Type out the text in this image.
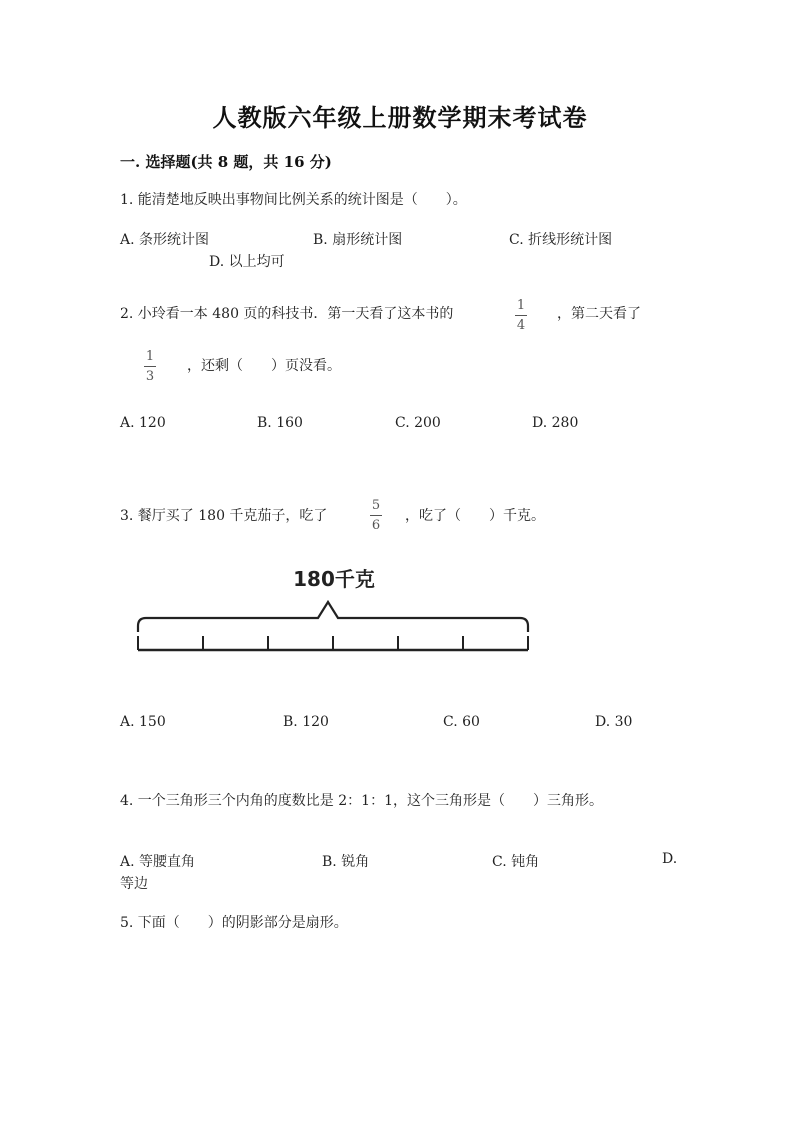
人教版六年级上册数学期末考试卷
一. 选择题(共 8 题，共 16 分)
1. 能清楚地反映出事物间比例关系的统计图是（　　）。
A. 条形统计图	B. 扇形统计图	C. 折线形统计图
D. 以上均可
2. 小玲看一本 480 页的科技书．第一天看了这本书的
1
4
，第二天看了
1
3
，还剩（　　）页没看。
A. 120	B. 160	C. 200	D. 280
3. 餐厅买了 180 千克茄子，吃了
5
6
，吃了（　　）千克。
180千克
A. 150	B. 120	C. 60	D. 30
4. 一个三角形三个内角的度数比是 2：1：1，这个三角形是（　　）三角形。
A. 等腰直角	B. 锐角	C. 钝角	D.
等边
5. 下面（　　）的阴影部分是扇形。
